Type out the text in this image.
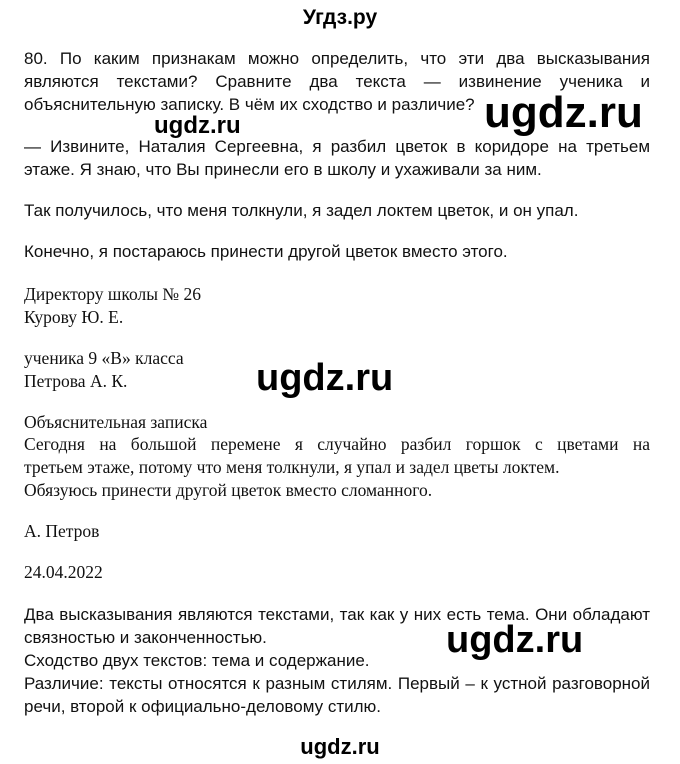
Угдз.ру
80. По каким признакам можно определить, что эти два высказывания
являются текстами? Сравните два текста — извинение ученика и
объяснительную записку. В чём их сходство и различие?
— Извините, Наталия Сергеевна, я разбил цветок в коридоре на третьем
этаже. Я знаю, что Вы принесли его в школу и ухаживали за ним.
Так получилось, что меня толкнули, я задел локтем цветок, и он упал.
Конечно, я постараюсь принести другой цветок вместо этого.
Директору школы № 26
Курову Ю. Е.
ученика 9 «В» класса
Петрова А. К.
Объяснительная записка
Сегодня на большой перемене я случайно разбил горшок с цветами на
третьем этаже, потому что меня толкнули, я упал и задел цветы локтем.
Обязуюсь принести другой цветок вместо сломанного.
А. Петров
24.04.2022
Два высказывания являются текстами, так как у них есть тема. Они обладают
связностью и законченностью.
Сходство двух текстов: тема и содержание.
Различие: тексты относятся к разным стилям. Первый – к устной разговорной
речи, второй к официально-деловому стилю.
ugdz.ru
ugdz.ru
ugdz.ru
ugdz.ru
ugdz.ru
